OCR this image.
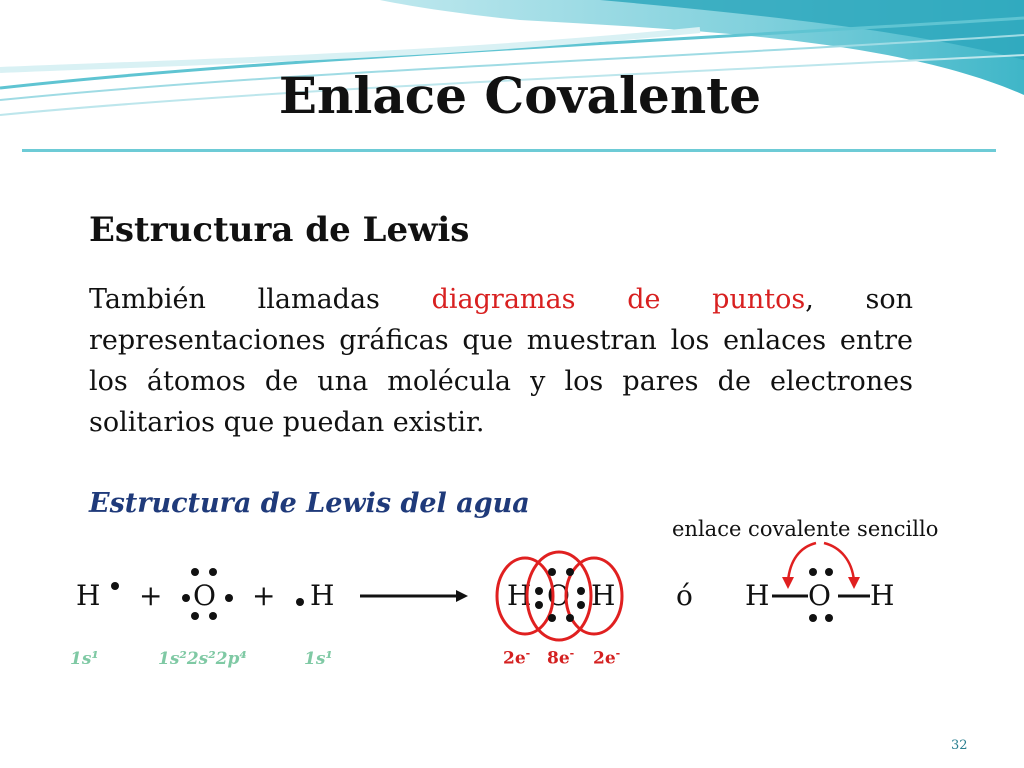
Enlace Covalente
Estructura de Lewis
También llamadas diagramas de puntos, son representaciones gráficas que muestran los enlaces entre los átomos de una molécula y los pares de electrones solitarios que puedan existir.
Estructura de Lewis del agua
enlace covalente sencillo
H + O + H	H O H ó H O H
1s¹	1s²2s²2p⁴	1s¹	2e- 8e- 2e-
32
